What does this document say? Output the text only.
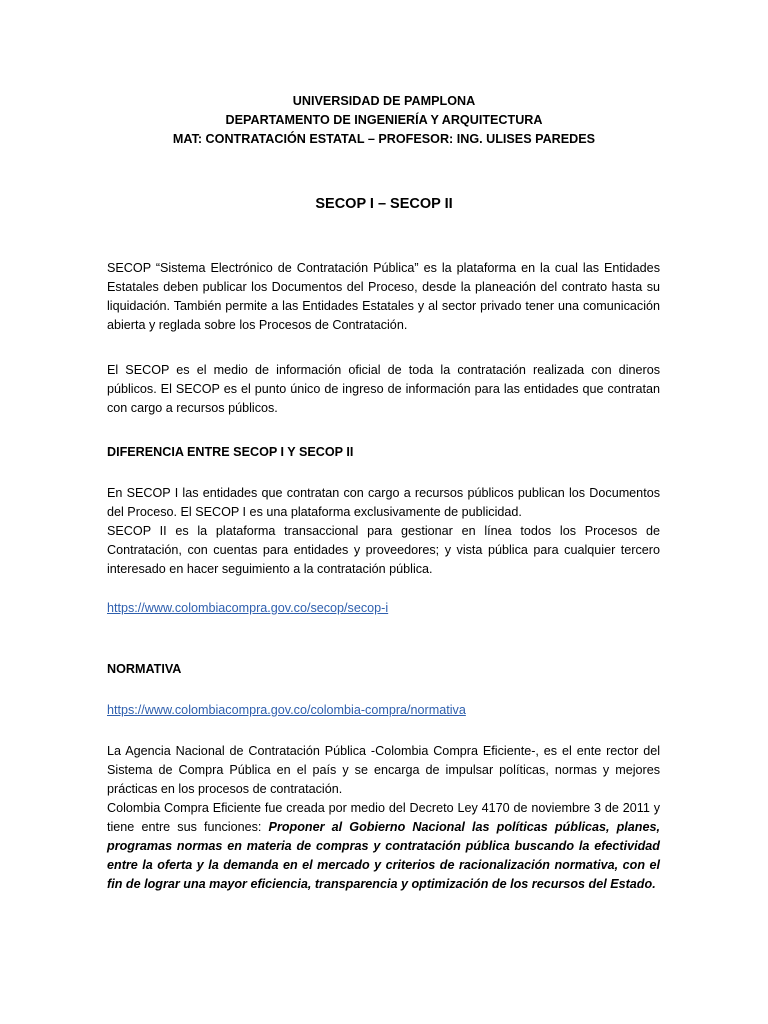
UNIVERSIDAD DE PAMPLONA
DEPARTAMENTO DE INGENIERÍA Y ARQUITECTURA
MAT: CONTRATACIÓN ESTATAL – PROFESOR: ING. ULISES PAREDES
SECOP I – SECOP II

SECOP “Sistema Electrónico de Contratación Pública” es la plataforma en la cual las Entidades Estatales deben publicar los Documentos del Proceso, desde la planeación del contrato hasta su liquidación. También permite a las Entidades Estatales y al sector privado tener una comunicación abierta y reglada sobre los Procesos de Contratación.

El SECOP es el medio de información oficial de toda la contratación realizada con dineros públicos. El SECOP es el punto único de ingreso de información para las entidades que contratan con cargo a recursos públicos.

DIFERENCIA ENTRE SECOP I Y SECOP II

En SECOP I las entidades que contratan con cargo a recursos públicos publican los Documentos del Proceso. El SECOP I es una plataforma exclusivamente de publicidad.

SECOP II es la plataforma transaccional para gestionar en línea todos los Procesos de Contratación, con cuentas para entidades y proveedores; y vista pública para cualquier tercero interesado en hacer seguimiento a la contratación pública.

https://www.colombiacompra.gov.co/secop/secop-i
NORMATIVA
https://www.colombiacompra.gov.co/colombia-compra/normativa

La Agencia Nacional de Contratación Pública -Colombia Compra Eficiente-, es el ente rector del Sistema de Compra Pública en el país y se encarga de impulsar políticas, normas y mejores prácticas en los procesos de contratación.

Colombia Compra Eficiente fue creada por medio del Decreto Ley 4170 de noviembre 3 de 2011 y tiene entre sus funciones: Proponer al Gobierno Nacional las políticas públicas, planes, programas normas en materia de compras y contratación pública buscando la efectividad entre la oferta y la demanda en el mercado y criterios de racionalización normativa, con el fin de lograr una mayor eficiencia, transparencia y optimización de los recursos del Estado.
